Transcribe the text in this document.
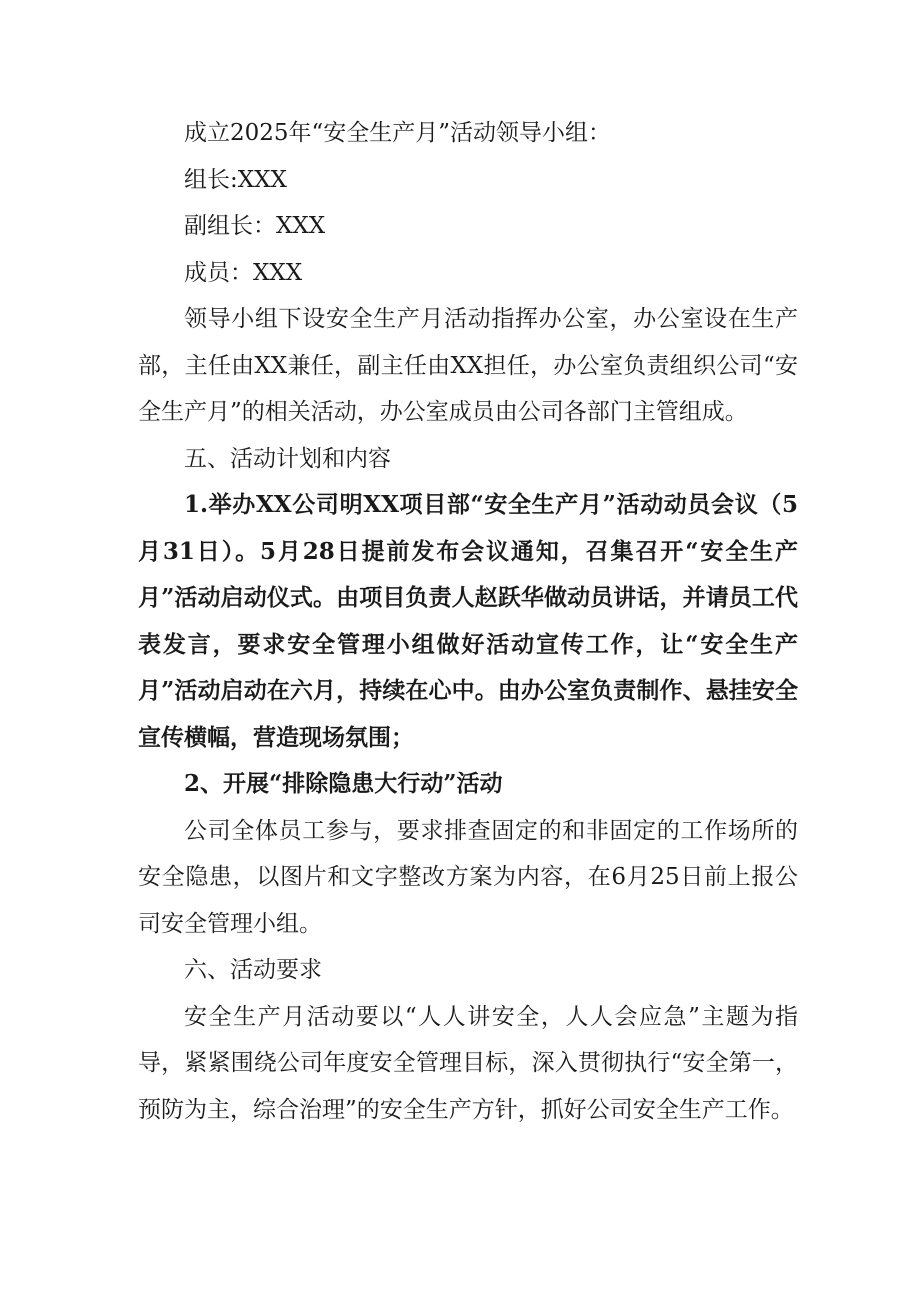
成立2025年“安全生产月”活动领导小组：

组长:XXX

副组长：XXX

成员：XXX

领导小组下设安全生产月活动指挥办公室，办公室设在生产部，主任由XX兼任，副主任由XX担任，办公室负责组织公司“安全生产月”的相关活动，办公室成员由公司各部门主管组成。

五、活动计划和内容

1.举办XX公司明XX项目部“安全生产月”活动动员会议（5月31日）。5月28日提前发布会议通知，召集召开“安全生产月”活动启动仪式。由项目负责人赵跃华做动员讲话，并请员工代表发言，要求安全管理小组做好活动宣传工作，让“安全生产月”活动启动在六月，持续在心中。由办公室负责制作、悬挂安全宣传横幅，营造现场氛围；

2、开展“排除隐患大行动”活动

公司全体员工参与，要求排查固定的和非固定的工作场所的安全隐患，以图片和文字整改方案为内容，在6月25日前上报公司安全管理小组。

六、活动要求

安全生产月活动要以“人人讲安全，人人会应急”主题为指导，紧紧围绕公司年度安全管理目标，深入贯彻执行“安全第一，预防为主，综合治理”的安全生产方针，抓好公司安全生产工作。
